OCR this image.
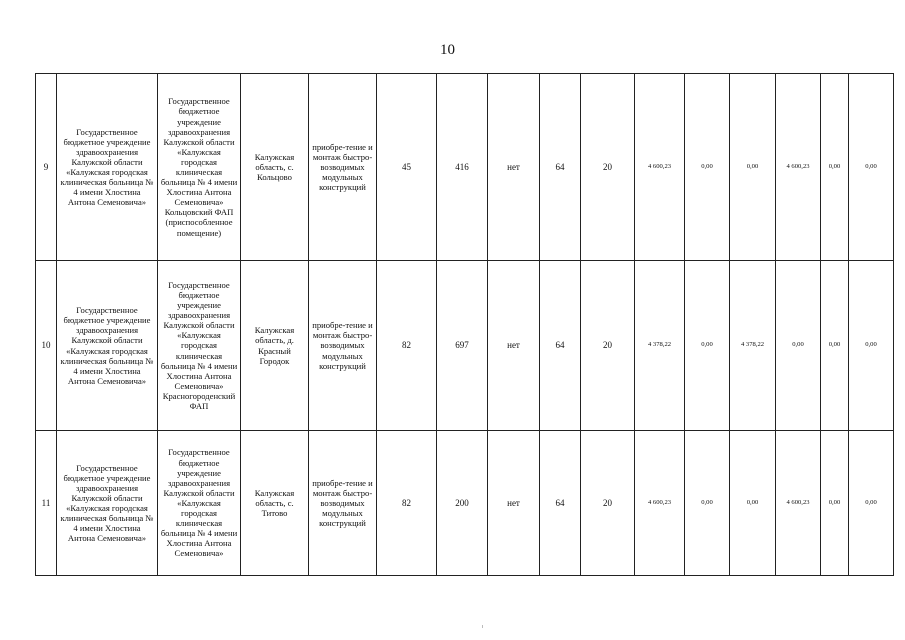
10
9	Государственное бюджетное учреждение здравоохранения Калужской области «Калужская городская клиническая больница № 4 имени Хлостина Антона Семеновича»	Государственное бюджетное учреждение здравоохранения Калужской области «Калужская городская клиническая больница № 4 имени Хлостина Антона Семеновича» Кольцовский ФАП (приспособленное помещение)	Калужская область, с. Кольцово	приобре-тение и монтаж быстро-возводимых модульных конструкций	45	416	нет	64	20	4 600,23	0,00	0,00	4 600,23	0,00	0,00
10	Государственное бюджетное учреждение здравоохранения Калужской области «Калужская городская клиническая больница № 4 имени Хлостина Антона Семеновича»	Государственное бюджетное учреждение здравоохранения Калужской области «Калужская городская клиническая больница № 4 имени Хлостина Антона Семеновича» Красногороденский ФАП	Калужская область, д. Красный Городок	приобре-тение и монтаж быстро-возводимых модульных конструкций	82	697	нет	64	20	4 378,22	0,00	4 378,22	0,00	0,00	0,00
11	Государственное бюджетное учреждение здравоохранения Калужской области «Калужская городская клиническая больница № 4 имени Хлостина Антона Семеновича»	Государственное бюджетное учреждение здравоохранения Калужской области «Калужская городская клиническая больница № 4 имени Хлостина Антона Семеновича»	Калужская область, с. Титово	приобре-тение и монтаж быстро-возводимых модульных конструкций	82	200	нет	64	20	4 600,23	0,00	0,00	4 600,23	0,00	0,00
